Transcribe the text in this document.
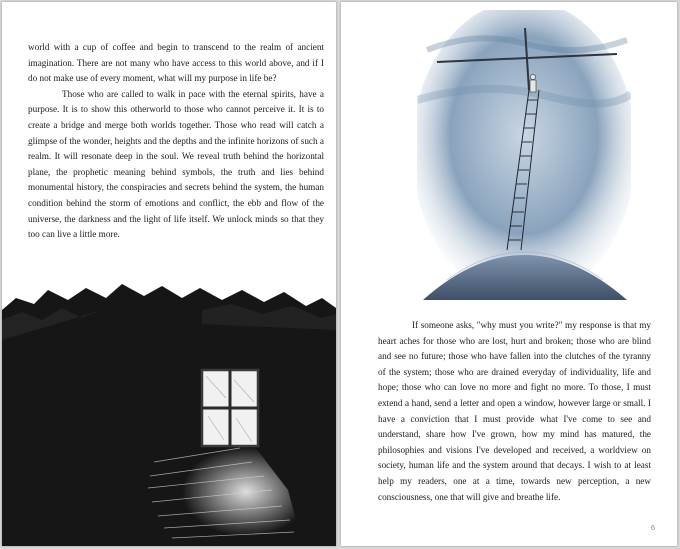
world with a cup of coffee and begin to transcend to the realm of ancient imagination. There are not many who have access to this world above, and if I do not make use of every moment, what will my purpose in life be?

Those who are called to walk in pace with the eternal spirits, have a purpose. It is to show this otherworld to those who cannot perceive it. It is to create a bridge and merge both worlds together. Those who read will catch a glimpse of the wonder, heights and the depths and the infinite horizons of such a realm. It will resonate deep in the soul. We reveal truth behind the horizontal plane, the prophetic meaning behind symbols, the truth and lies behind monumental history, the conspiracies and secrets behind the system, the human condition behind the storm of emotions and conflict, the ebb and flow of the universe, the darkness and the light of life itself. We unlock minds so that they too can live a little more.

If someone asks, "why must you write?" my response is that my heart aches for those who are lost, hurt and broken; those who are blind and see no future; those who have fallen into the clutches of the tyranny of the system; those who are drained everyday of individuality, life and hope; those who can love no more and fight no more. To those, I must extend a hand, send a letter and open a window, however large or small. I have a conviction that I must provide what I've come to see and understand, share how I've grown, how my mind has matured, the philosophies and visions I've developed and received, a worldview on society, human life and the system around that decays. I wish to at least help my readers, one at a time, towards new perception, a new consciousness, one that will give and breathe life.

6
